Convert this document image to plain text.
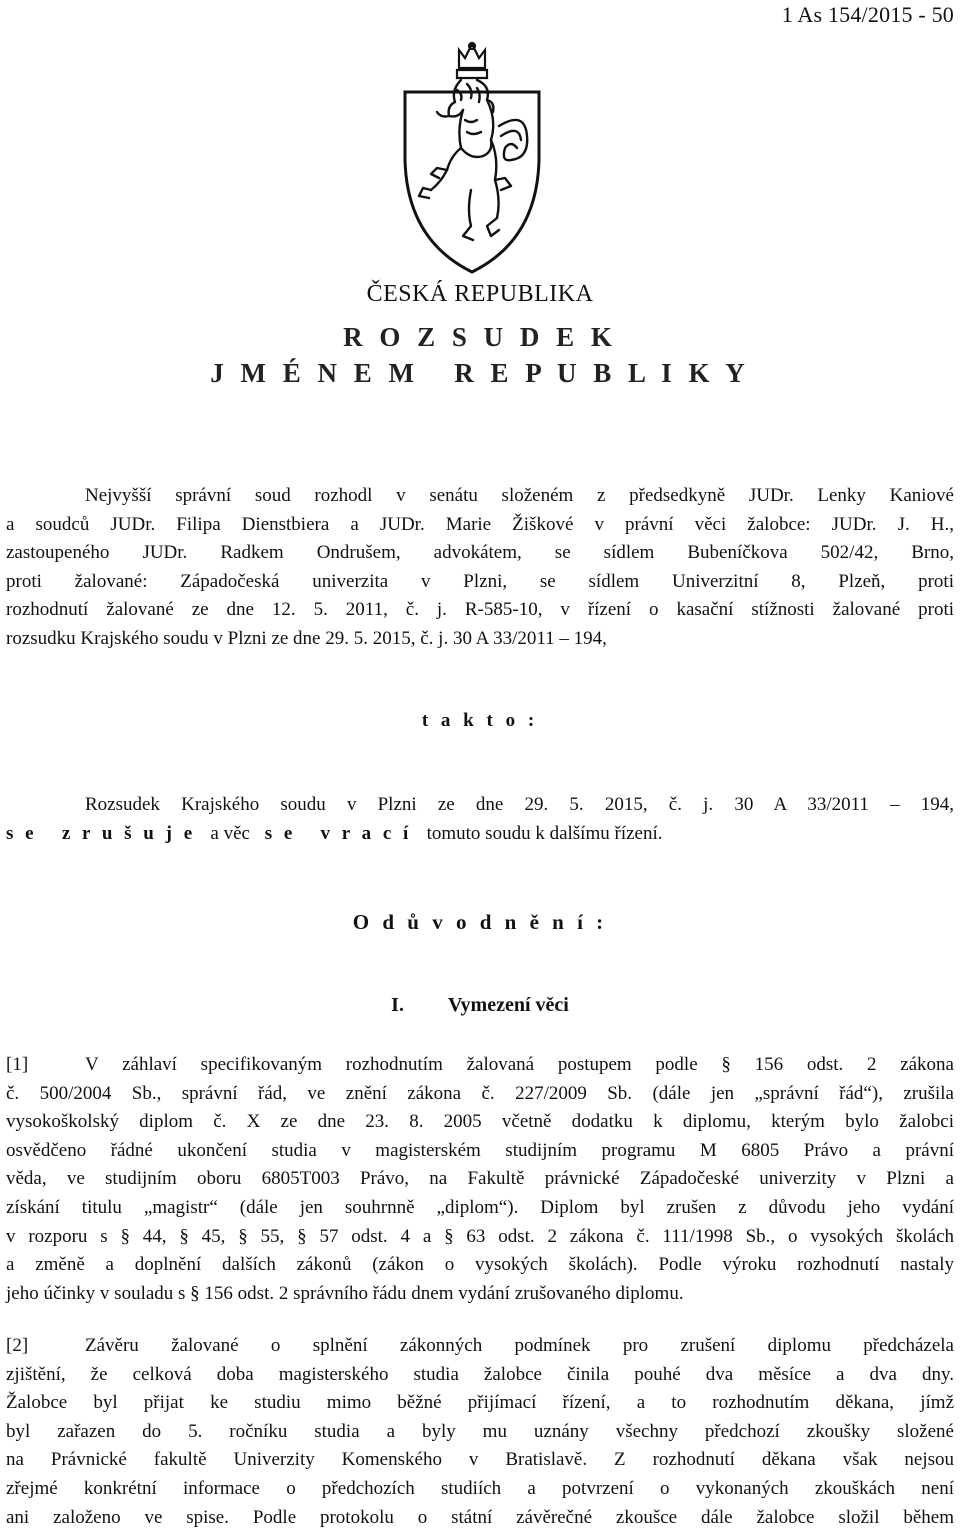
1 As 154/2015 - 50
ČESKÁ REPUBLIKA
R O Z S U D E K
J M É N E M   R E P U B L I K Y
Nejvyšší správní soud rozhodl v senátu složeném z předsedkyně JUDr. Lenky Kaniové
a soudců JUDr. Filipa Dienstbiera a JUDr. Marie Žiškové v právní věci žalobce: JUDr. J. H.,
zastoupeného JUDr. Radkem Ondrušem, advokátem, se sídlem Bubeníčkova 502/42, Brno,
proti žalované: Západočeská univerzita v Plzni, se sídlem Univerzitní 8, Plzeň, proti
rozhodnutí žalované ze dne 12. 5. 2011, č. j. R-585-10, v řízení o kasační stížnosti žalované proti
rozsudku Krajského soudu v Plzni ze dne 29. 5. 2015, č. j. 30 A 33/2011 – 194,
t a k t o :
Rozsudek Krajského soudu v Plzni ze dne 29. 5. 2015, č. j. 30 A 33/2011 – 194,
s e   z r u š u j e a věc s e   v r a c í tomuto soudu k dalšímu řízení.
O d ů v o d n ě n í :
I. Vymezení věci
[1]	V záhlaví specifikovaným rozhodnutím žalovaná postupem podle § 156 odst. 2 zákona
č. 500/2004 Sb., správní řád, ve znění zákona č. 227/2009 Sb. (dále jen „správní řád“), zrušila
vysokoškolský diplom č. X ze dne 23. 8. 2005 včetně dodatku k diplomu, kterým bylo žalobci
osvědčeno řádné ukončení studia v magisterském studijním programu M 6805 Právo a právní
věda, ve studijním oboru 6805T003 Právo, na Fakultě právnické Západočeské univerzity v Plzni a
získání titulu „magistr“ (dále jen souhrnně „diplom“). Diplom byl zrušen z důvodu jeho vydání
v rozporu s § 44, § 45, § 55, § 57 odst. 4 a § 63 odst. 2 zákona č. 111/1998 Sb., o vysokých školách
a změně a doplnění dalších zákonů (zákon o vysokých školách). Podle výroku rozhodnutí nastaly
jeho účinky v souladu s § 156 odst. 2 správního řádu dnem vydání zrušovaného diplomu.
[2]	Závěru žalované o splnění zákonných podmínek pro zrušení diplomu předcházela
zjištění, že celková doba magisterského studia žalobce činila pouhé dva měsíce a dva dny.
Žalobce byl přijat ke studiu mimo běžné přijímací řízení, a to rozhodnutím děkana, jímž
byl zařazen do 5. ročníku studia a byly mu uznány všechny předchozí zkoušky složené
na Právnické fakultě Univerzity Komenského v Bratislavě. Z rozhodnutí děkana však nejsou
zřejmé konkrétní informace o předchozích studiích a potvrzení o vykonaných zkouškách není
ani založeno ve spise. Podle protokolu o státní závěrečné zkoušce dále žalobce složil během
